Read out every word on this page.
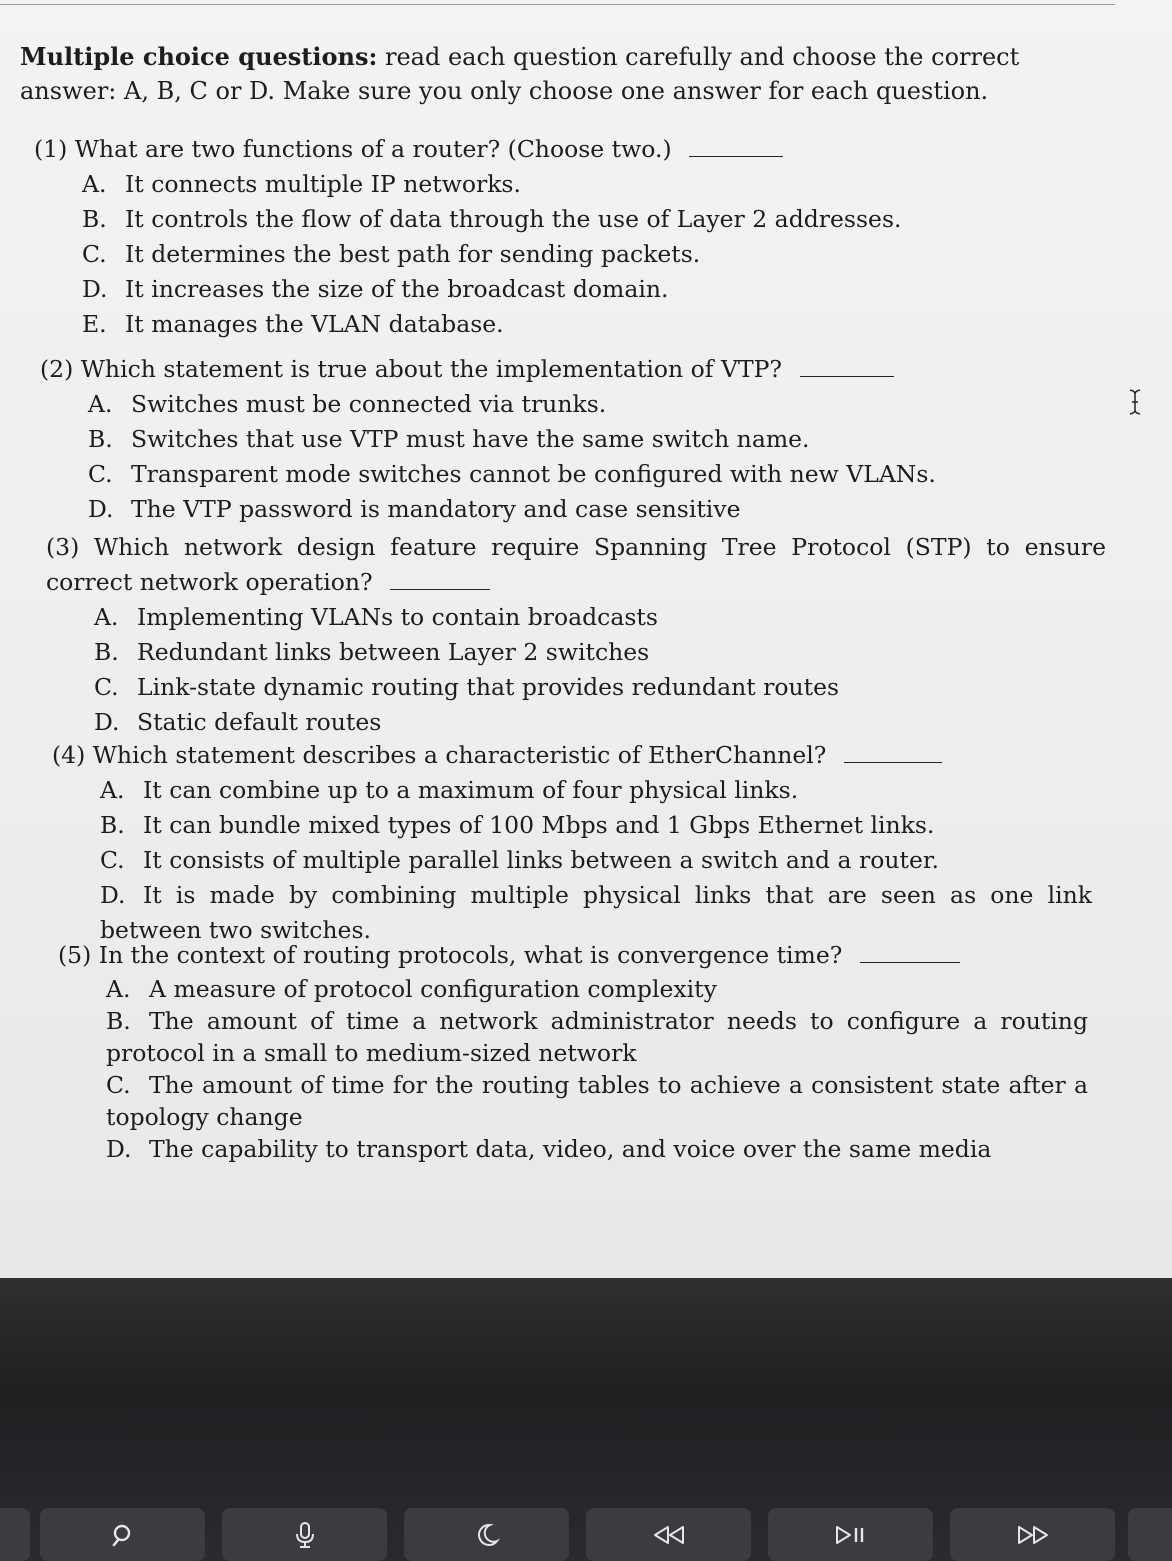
Multiple choice questions: read each question carefully and choose the correct answer: A, B, C or D. Make sure you only choose one answer for each question.
(1) What are two functions of a router? (Choose two.)
A. It connects multiple IP networks.
B. It controls the flow of data through the use of Layer 2 addresses.
C. It determines the best path for sending packets.
D. It increases the size of the broadcast domain.
E. It manages the VLAN database.
(2) Which statement is true about the implementation of VTP?
A. Switches must be connected via trunks.
B. Switches that use VTP must have the same switch name.
C. Transparent mode switches cannot be configured with new VLANs.
D. The VTP password is mandatory and case sensitive
(3) Which network design feature require Spanning Tree Protocol (STP) to ensure correct network operation?
A. Implementing VLANs to contain broadcasts
B. Redundant links between Layer 2 switches
C. Link-state dynamic routing that provides redundant routes
D. Static default routes
(4) Which statement describes a characteristic of EtherChannel?
A. It can combine up to a maximum of four physical links.
B. It can bundle mixed types of 100 Mbps and 1 Gbps Ethernet links.
C. It consists of multiple parallel links between a switch and a router.
D. It is made by combining multiple physical links that are seen as one link between two switches.
(5) In the context of routing protocols, what is convergence time?
A. A measure of protocol configuration complexity
B. The amount of time a network administrator needs to configure a routing protocol in a small to medium-sized network
C. The amount of time for the routing tables to achieve a consistent state after a topology change
D. The capability to transport data, video, and voice over the same media
